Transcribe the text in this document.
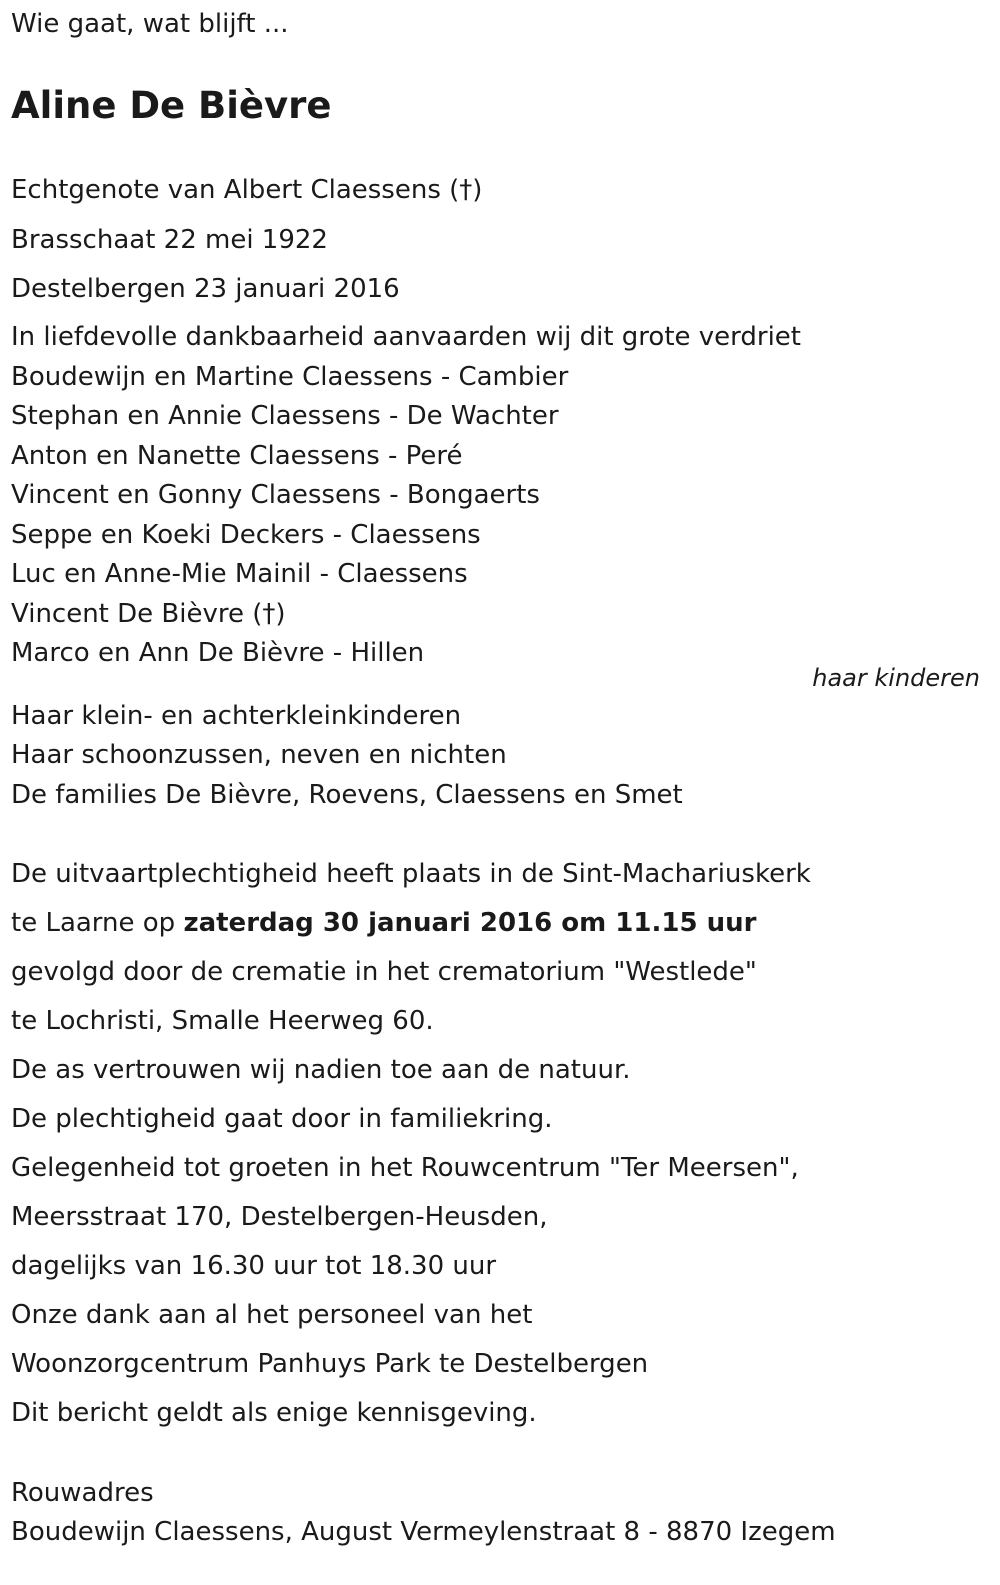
Wie gaat, wat blijft ...
Aline De Bièvre
Echtgenote van Albert Claessens (†)
Brasschaat 22 mei 1922
Destelbergen 23 januari 2016
In liefdevolle dankbaarheid aanvaarden wij dit grote verdriet
Boudewijn en Martine Claessens - Cambier
Stephan en Annie Claessens - De Wachter
Anton en Nanette Claessens - Peré
Vincent en Gonny Claessens - Bongaerts
Seppe en Koeki Deckers - Claessens
Luc en Anne-Mie Mainil - Claessens
Vincent De Bièvre (†)
Marco en Ann De Bièvre - Hillen
haar kinderen
Haar klein- en achterkleinkinderen
Haar schoonzussen, neven en nichten
De families De Bièvre, Roevens, Claessens en Smet
De uitvaartplechtigheid heeft plaats in de Sint-Machariuskerk
te Laarne op zaterdag 30 januari 2016 om 11.15 uur
gevolgd door de crematie in het crematorium "Westlede"
te Lochristi, Smalle Heerweg 60.
De as vertrouwen wij nadien toe aan de natuur.
De plechtigheid gaat door in familiekring.
Gelegenheid tot groeten in het Rouwcentrum "Ter Meersen",
Meersstraat 170, Destelbergen-Heusden,
dagelijks van 16.30 uur tot 18.30 uur
Onze dank aan al het personeel van het
Woonzorgcentrum Panhuys Park te Destelbergen
Dit bericht geldt als enige kennisgeving.
Rouwadres
Boudewijn Claessens, August Vermeylenstraat 8 - 8870 Izegem
